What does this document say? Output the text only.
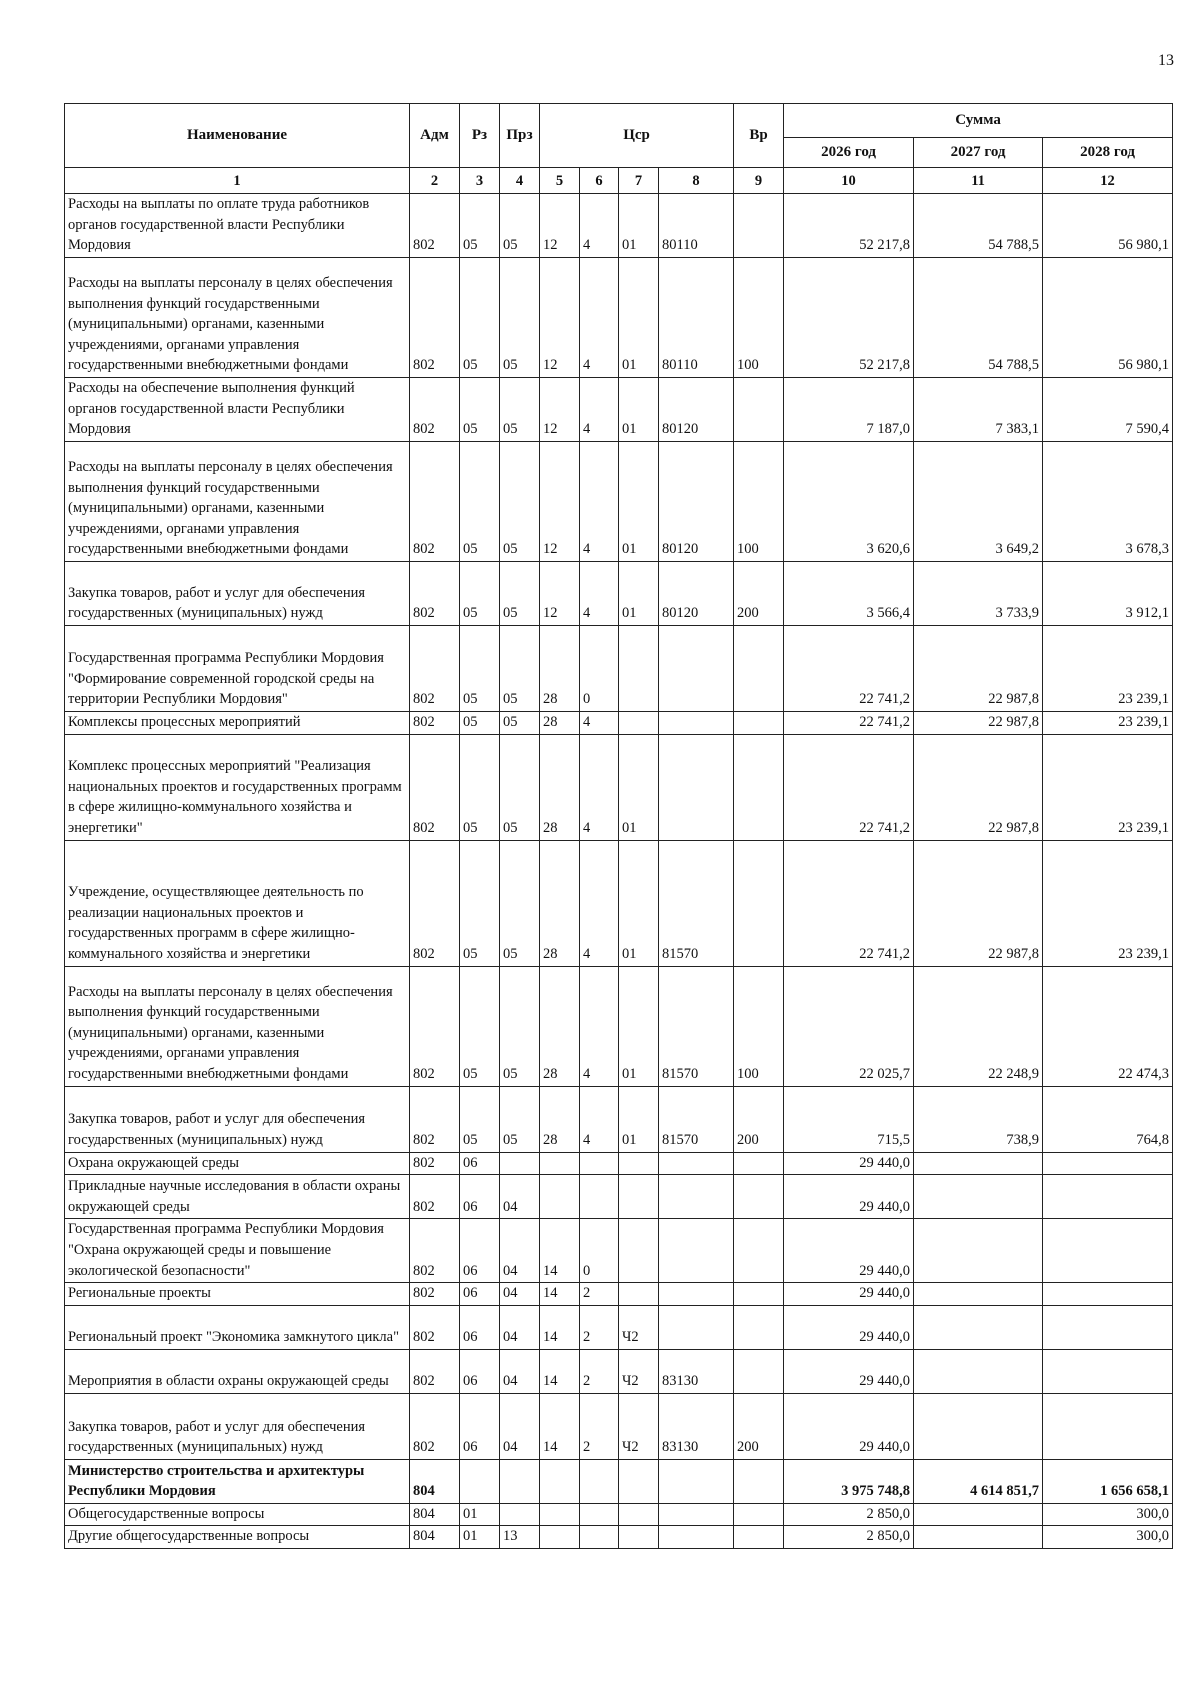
13
Наименование	Адм	Рз	Прз	Цср				Вр	Сумма		
									2026 год	2027 год	2028 год
1	2	3	4	5	6	7	8	9	10	11	12
Расходы на выплаты по оплате труда работников органов государственной власти Республики Мордовия	802	05	05	12	4	01	80110		52 217,8	54 788,5	56 980,1
Расходы на выплаты персоналу в целях обеспечения выполнения функций государственными (муниципальными) органами, казенными учреждениями, органами управления государственными внебюджетными фондами	802	05	05	12	4	01	80110	100	52 217,8	54 788,5	56 980,1
Расходы на обеспечение выполнения функций органов государственной власти Республики Мордовия	802	05	05	12	4	01	80120		7 187,0	7 383,1	7 590,4
Расходы на выплаты персоналу в целях обеспечения выполнения функций государственными (муниципальными) органами, казенными учреждениями, органами управления государственными внебюджетными фондами	802	05	05	12	4	01	80120	100	3 620,6	3 649,2	3 678,3
Закупка товаров, работ и услуг для обеспечения государственных (муниципальных) нужд	802	05	05	12	4	01	80120	200	3 566,4	3 733,9	3 912,1
Государственная программа Республики Мордовия "Формирование современной городской среды на территории Республики Мордовия"	802	05	05	28	0				22 741,2	22 987,8	23 239,1
Комплексы процессных мероприятий	802	05	05	28	4				22 741,2	22 987,8	23 239,1
Комплекс процессных мероприятий "Реализация национальных проектов и государственных программ в сфере жилищно-коммунального хозяйства и энергетики"	802	05	05	28	4	01			22 741,2	22 987,8	23 239,1
Учреждение, осуществляющее деятельность по реализации национальных проектов и государственных программ в сфере жилищно-коммунального хозяйства и энергетики	802	05	05	28	4	01	81570		22 741,2	22 987,8	23 239,1
Расходы на выплаты персоналу в целях обеспечения выполнения функций государственными (муниципальными) органами, казенными учреждениями, органами управления государственными внебюджетными фондами	802	05	05	28	4	01	81570	100	22 025,7	22 248,9	22 474,3
Закупка товаров, работ и услуг для обеспечения государственных (муниципальных) нужд	802	05	05	28	4	01	81570	200	715,5	738,9	764,8
Охрана окружающей среды	802	06							29 440,0		
Прикладные научные исследования в области охраны окружающей среды	802	06	04						29 440,0		
Государственная программа Республики Мордовия "Охрана окружающей среды и повышение экологической безопасности"	802	06	04	14	0				29 440,0		
Региональные проекты	802	06	04	14	2				29 440,0		
Региональный проект "Экономика замкнутого цикла"	802	06	04	14	2	Ч2			29 440,0		
Мероприятия в области охраны окружающей среды	802	06	04	14	2	Ч2	83130		29 440,0		
Закупка товаров, работ и услуг для обеспечения государственных (муниципальных) нужд	802	06	04	14	2	Ч2	83130	200	29 440,0		
Министерство строительства и архитектуры Республики Мордовия	804								3 975 748,8	4 614 851,7	1 656 658,1
Общегосударственные вопросы	804	01							2 850,0		300,0
Другие общегосударственные вопросы	804	01	13						2 850,0		300,0
